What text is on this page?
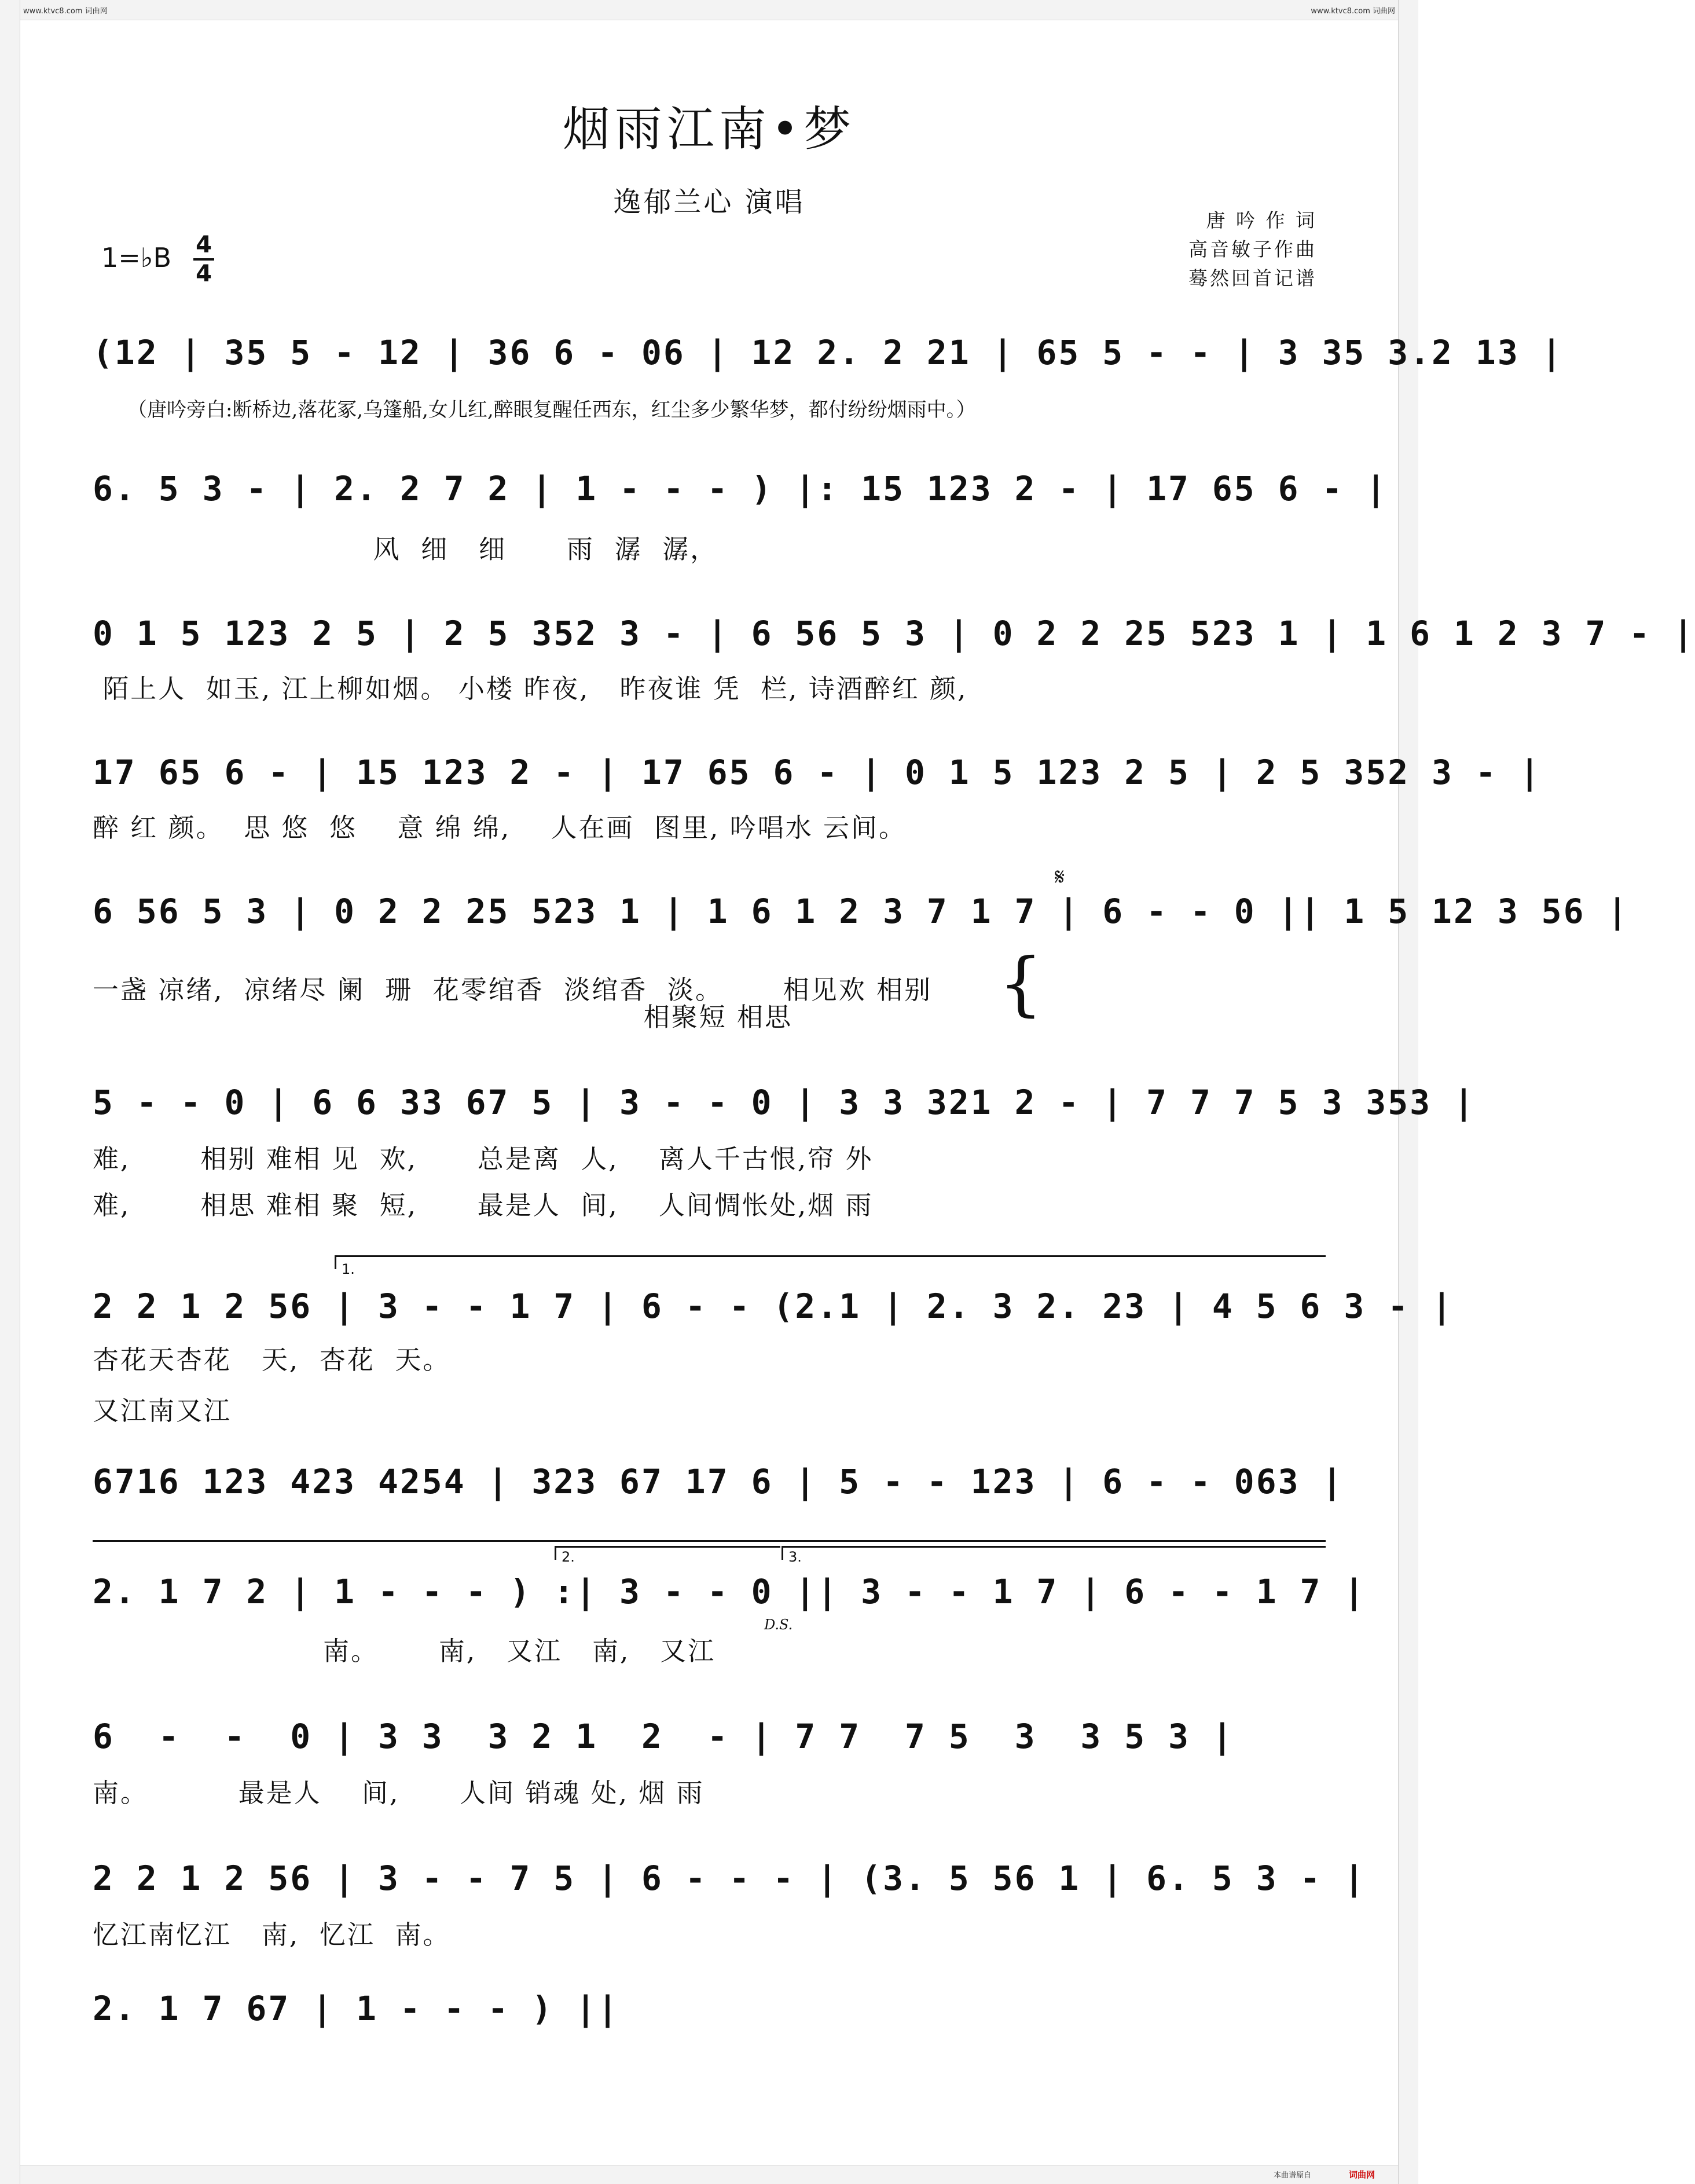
www.ktvc8.com 词曲网	www.ktvc8.com 词曲网
本曲谱原自	词曲网
烟雨江南•梦
逸郁兰心 演唱
唐 吟 作 词
高音敏子作曲
蓦然回首记谱
1=♭B 4
4
(12 | 35 5 - 12 | 36 6 - 06 | 12 2. 2 21 | 65 5 - - | 3 35 3.2 13 |
（唐吟旁白:断桥边,落花冢,乌篷船,女儿红,醉眼复醒任西东，红尘多少繁华梦，都付纷纷烟雨中。）
6. 5 3 - | 2. 2 7 2 | 1 - - - ) |: 15 123 2 - | 17 65 6 - |
风  细   细      雨  潺  潺，
0 1 5 123 2 5 | 2 5 352 3 - | 6 56 5 3 | 0 2 2 25 523 1 | 1 6 1 2 3 7 - |
陌上人  如玉, 江上柳如烟。 小楼 昨夜,   昨夜谁 凭  栏, 诗酒醉红 颜,
17 65 6 - | 15 123 2 - | 17 65 6 - | 0 1 5 123 2 5 | 2 5 352 3 - |
醉 红 颜。  思 悠  悠    意 绵 绵,    人在画  图里, 吟唱水 云间。
6 56 5 3 | 0 2 2 25 523 1 | 1 6 1 2 3 7 1 7 | 6 - - 0 || 1 5 12 3 56 |
𝄋
一盏 凉绪,  凉绪尽 阑  珊  花零绾香  淡绾香  淡。      相见欢 相别
相聚短 相思
5 - - 0 | 6 6 33 67 5 | 3 - - 0 | 3 3 321 2 - | 7 7 7 5 3 353 |
难,       相别 难相 见  欢,      总是离  人,    离人千古恨,帘 外
难,       相思 难相 聚  短,      最是人  间,    人间惆怅处,烟 雨
1.
2 2 1 2 56 | 3 - - 1 7 | 6 - - (2.1 | 2. 3 2. 23 | 4 5 6 3 - |
杏花天杏花   天,  杏花  天。
又江南又江
6716 123 423 4254 | 323 67 17 6 | 5 - - 123 | 6 - - 063 |
2.	3.
2. 1 7 2 | 1 - - - ) :| 3 - - 0 || 3 - - 1 7 | 6 - - 1 7 |
D.S.
南。      南,   又江   南,   又江
6  -  -  0 | 3 3  3 2 1  2  - | 7 7  7 5  3  3 5 3 |
南。         最是人    间,      人间 销魂 处, 烟 雨
2 2 1 2 56 | 3 - - 7 5 | 6 - - - | (3. 5 56 1 | 6. 5 3 - |
忆江南忆江   南,  忆江  南。
2. 1 7 67 | 1 - - - ) ||
{
